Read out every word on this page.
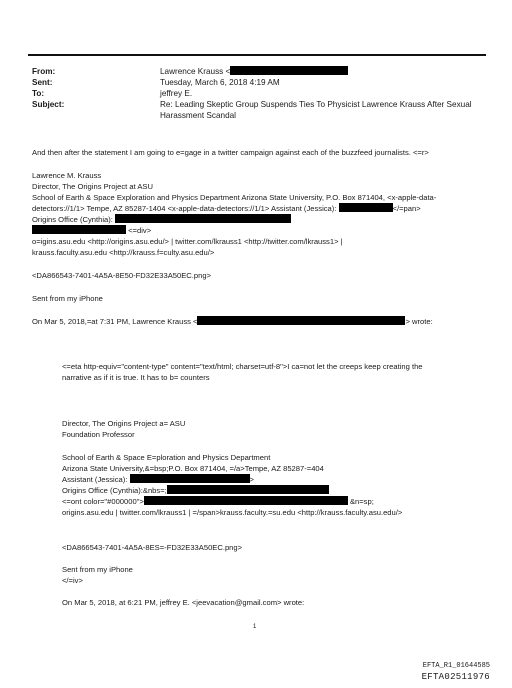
From:	Lawrence Krauss <
Sent:	Tuesday, March 6, 2018 4:19 AM
To:	jeffrey E.
Subject:	Re: Leading Skeptic Group Suspends Ties To Physicist Lawrence Krauss After Sexual
Harassment Scandal
And then after the statement I am going to e=gage in a twitter campaign against each of the buzzfeed journalists. <=r>
Lawrence M. Krauss
Director, The Origins Project at ASU
School of Earth & Space Exploration and Physics Department Arizona State University, P.O. Box 871404, <x-apple-data-
detectors://1/1> Tempe, AZ 85287-1404 <x-apple-data-detectors://1/1> Assistant (Jessica):	</=pan>
Origins Office (Cynthia):
<=div>
o=igins.asu.edu <http://origins.asu.edu/> | twitter.com/lkrauss1 <http://twitter.com/lkrauss1> |
krauss.faculty.asu.edu <http://krauss.f=culty.asu.edu/>
<DA866543-7401-4A5A-8E50-FD32E33A50EC.png>
Sent from my iPhone
On Mar 5, 2018,=at 7:31 PM, Lawrence Krauss <	> wrote:
<=eta http-equiv="content-type" content="text/html; charset=utf-8">I ca=not let the creeps keep creating the
narrative as if it is true. It has to b= counters
Director, The Origins Project a= ASU
Foundation Professor
School of Earth & Space E=ploration and Physics Department
Arizona State University,&=bsp;P.O. Box 871404, =/a>Tempe, AZ 85287-=404
Assistant (Jessica):	>
Origins Office (Cynthia):&nbs=;
<=ont color="#000000">	&n=sp;
origins.asu.edu | twitter.com/lkrauss1 | =/span>krauss.faculty.=su.edu <http://krauss.faculty.asu.edu/>
<DA866543-7401-4A5A-8ES=-FD32E33A50EC.png>
Sent from my iPhone
</=iv>
On Mar 5, 2018, at 6:21 PM, jeffrey E. <jeevacation@gmail.com> wrote:
1
EFTA_R1_01644585
EFTA02511976
